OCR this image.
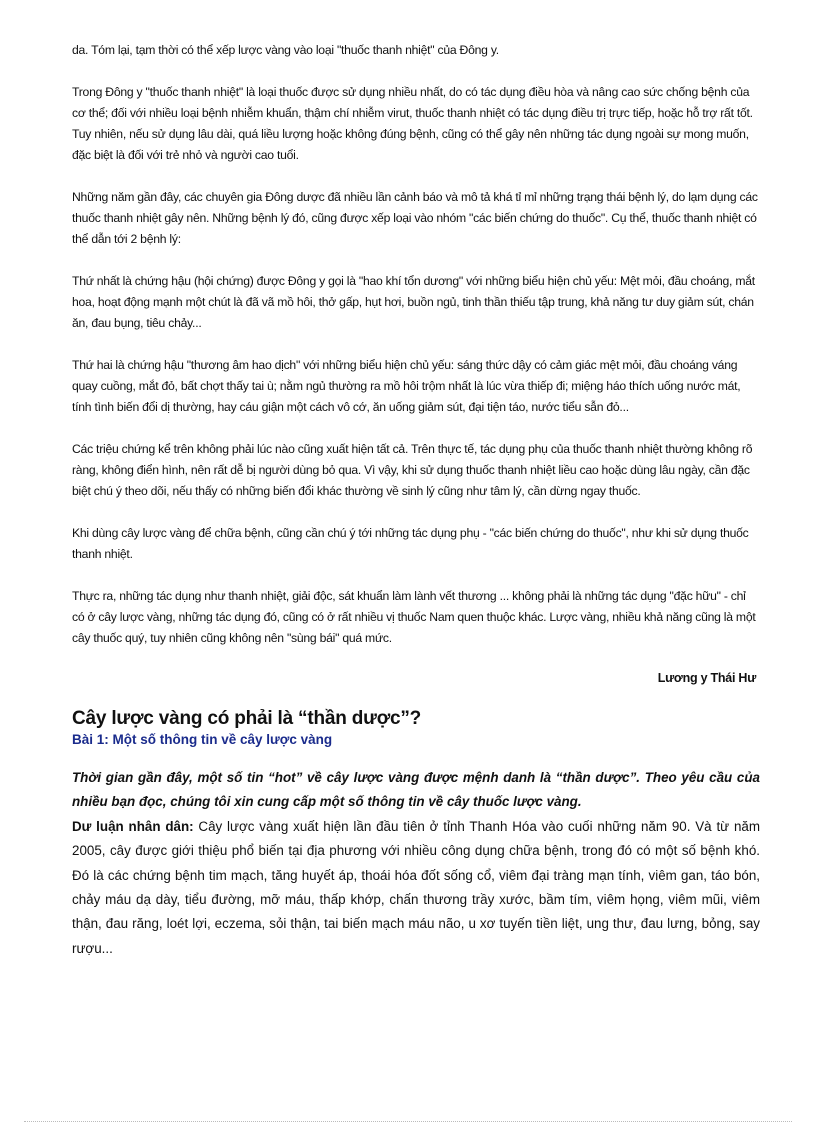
da. Tóm lại, tạm thời có thể xếp lược vàng vào loại "thuốc thanh nhiệt" của Đông y.

Trong Đông y "thuốc thanh nhiệt" là loại thuốc được sử dụng nhiều nhất, do có tác dụng điều hòa và nâng cao sức chống bệnh của cơ thể; đối với nhiều loại bệnh nhiễm khuẩn, thậm chí nhiễm virut, thuốc thanh nhiệt có tác dụng điều trị trực tiếp, hoặc hỗ trợ rất tốt. Tuy nhiên, nếu sử dụng lâu dài, quá liều lượng hoặc không đúng bệnh, cũng có thể gây nên những tác dụng ngoài sự mong muốn, đặc biệt là đối với trẻ nhỏ và người cao tuổi.

Những năm gần đây, các chuyên gia Đông dược đã nhiều lần cảnh báo và mô tả khá tỉ mỉ những trạng thái bệnh lý, do lạm dụng các thuốc thanh nhiệt gây nên. Những bệnh lý đó, cũng được xếp loại vào nhóm "các biến chứng do thuốc". Cụ thể, thuốc thanh nhiệt có thể dẫn tới 2 bệnh lý:

Thứ nhất là chứng hậu (hội chứng) được Đông y gọi là "hao khí tổn dương" với những biểu hiện chủ yếu: Mệt mỏi, đầu choáng, mắt hoa, hoạt động mạnh một chút là đã vã mồ hôi, thở gấp, hụt hơi, buồn ngủ, tinh thần thiếu tập trung, khả năng tư duy giảm sút, chán ăn, đau bụng, tiêu chảy...

Thứ hai là chứng hậu "thương âm hao dịch" với những biểu hiện chủ yếu: sáng thức dậy có cảm giác mệt mỏi, đầu choáng váng quay cuồng, mắt đỏ, bất chợt thấy tai ù; nằm ngủ thường ra mồ hôi trộm nhất là lúc vừa thiếp đi; miệng háo thích uống nước mát, tính tình biến đổi dị thường, hay cáu giận một cách vô cớ, ăn uống giảm sút, đại tiện táo, nước tiểu sẫn đỏ...

Các triệu chứng kể trên không phải lúc nào cũng xuất hiện tất cả. Trên thực tế, tác dụng phụ của thuốc thanh nhiệt thường không rõ ràng, không điển hình, nên rất dễ bị người dùng bỏ qua. Vì vậy, khi sử dụng thuốc thanh nhiệt liều cao hoặc dùng lâu ngày, cần đặc biệt chú ý theo dõi, nếu thấy có những biến đổi khác thường về sinh lý cũng như tâm lý, cần dừng ngay thuốc.

Khi dùng cây lược vàng để chữa bệnh, cũng cần chú ý tới những tác dụng phụ - "các biến chứng do thuốc", như khi sử dụng thuốc thanh nhiệt.

Thực ra, những tác dụng như thanh nhiệt, giải độc, sát khuẩn làm lành vết thương ... không phải là những tác dụng "đặc hữu" - chỉ có ở cây lược vàng, những tác dụng đó, cũng có ở rất nhiều vị thuốc Nam quen thuộc khác. Lược vàng, nhiều khả năng cũng là một cây thuốc quý, tuy nhiên cũng không nên "sùng bái" quá mức.

Lương y Thái Hư
Cây lược vàng có phải là “thần dược”?
Bài 1: Một số thông tin về cây lược vàng

Thời gian gần đây, một số tin “hot” về cây lược vàng được mệnh danh là “thần dược”. Theo yêu cầu của nhiều bạn đọc, chúng tôi xin cung cấp một số thông tin về cây thuốc lược vàng.

Dư luận nhân dân: Cây lược vàng xuất hiện lần đầu tiên ở tỉnh Thanh Hóa vào cuối những năm 90. Và từ năm 2005, cây được giới thiệu phổ biến tại địa phương với nhiều công dụng chữa bệnh, trong đó có một số bệnh khó. Đó là các chứng bệnh tim mạch, tăng huyết áp, thoái hóa đốt sống cổ, viêm đại tràng mạn tính, viêm gan, táo bón, chảy máu dạ dày, tiểu đường, mỡ máu, thấp khớp, chấn thương trầy xước, bầm tím, viêm họng, viêm mũi, viêm thận, đau răng, loét lợi, eczema, sỏi thận, tai biến mạch máu não, u xơ tuyến tiền liệt, ung thư, đau lưng, bỏng, say rượu...
